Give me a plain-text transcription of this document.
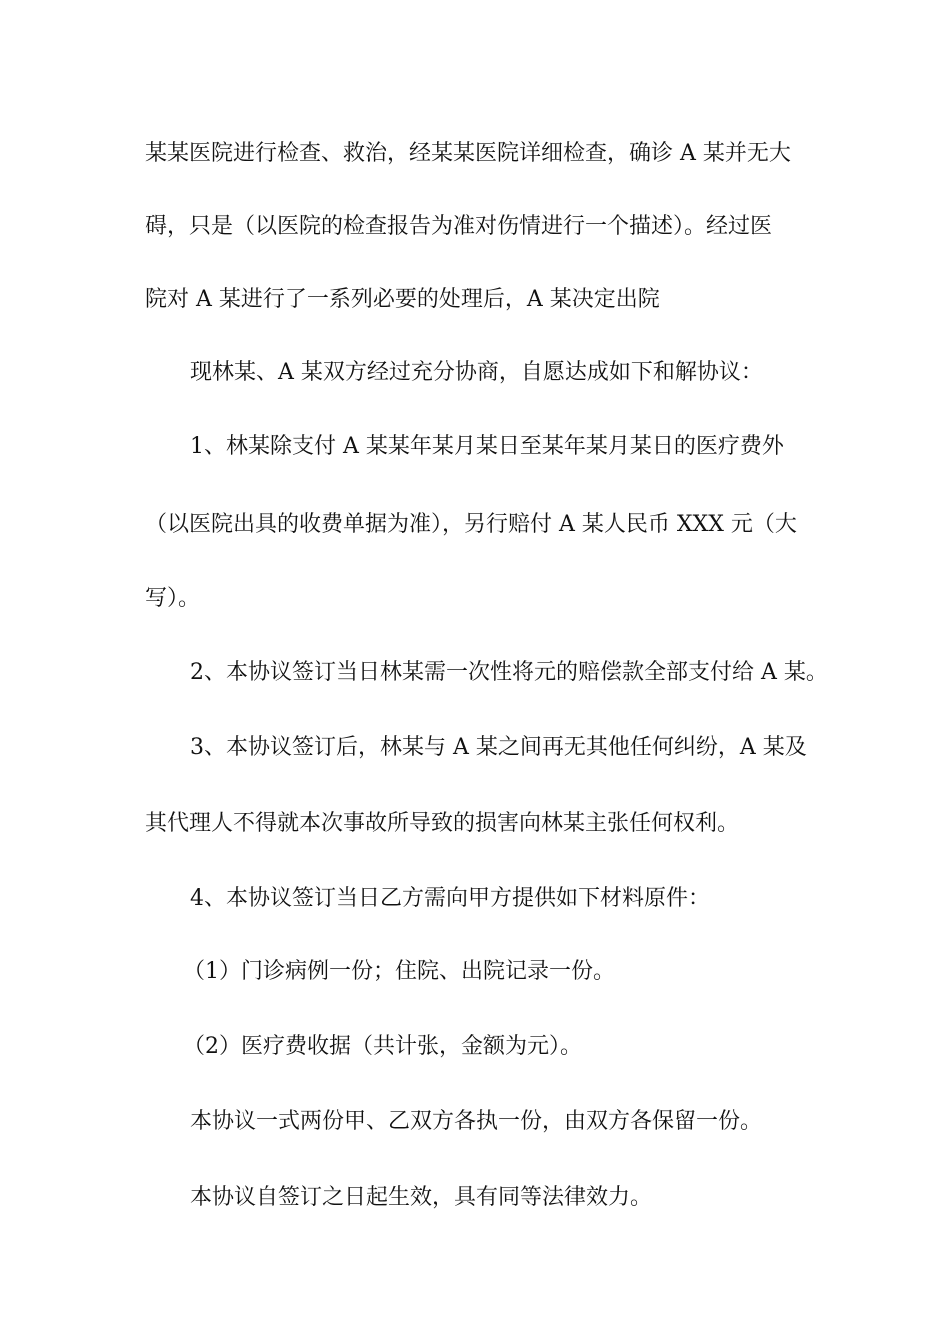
某某医院进行检查、救治，经某某医院详细检查，确诊 A 某并无大
碍，只是（以医院的检查报告为准对伤情进行一个描述）。经过医
院对 A 某进行了一系列必要的处理后，A 某决定出院
现林某、A 某双方经过充分协商，自愿达成如下和解协议：
1、林某除支付 A 某某年某月某日至某年某月某日的医疗费外
（以医院出具的收费单据为准），另行赔付 A 某人民币 XXX 元（大
写）。
2、本协议签订当日林某需一次性将元的赔偿款全部支付给 A 某。
3、本协议签订后，林某与 A 某之间再无其他任何纠纷，A 某及
其代理人不得就本次事故所导致的损害向林某主张任何权利。
4、本协议签订当日乙方需向甲方提供如下材料原件：
（1）门诊病例一份；住院、出院记录一份。
（2）医疗费收据（共计张，金额为元）。
本协议一式两份甲、乙双方各执一份，由双方各保留一份。
本协议自签订之日起生效，具有同等法律效力。
